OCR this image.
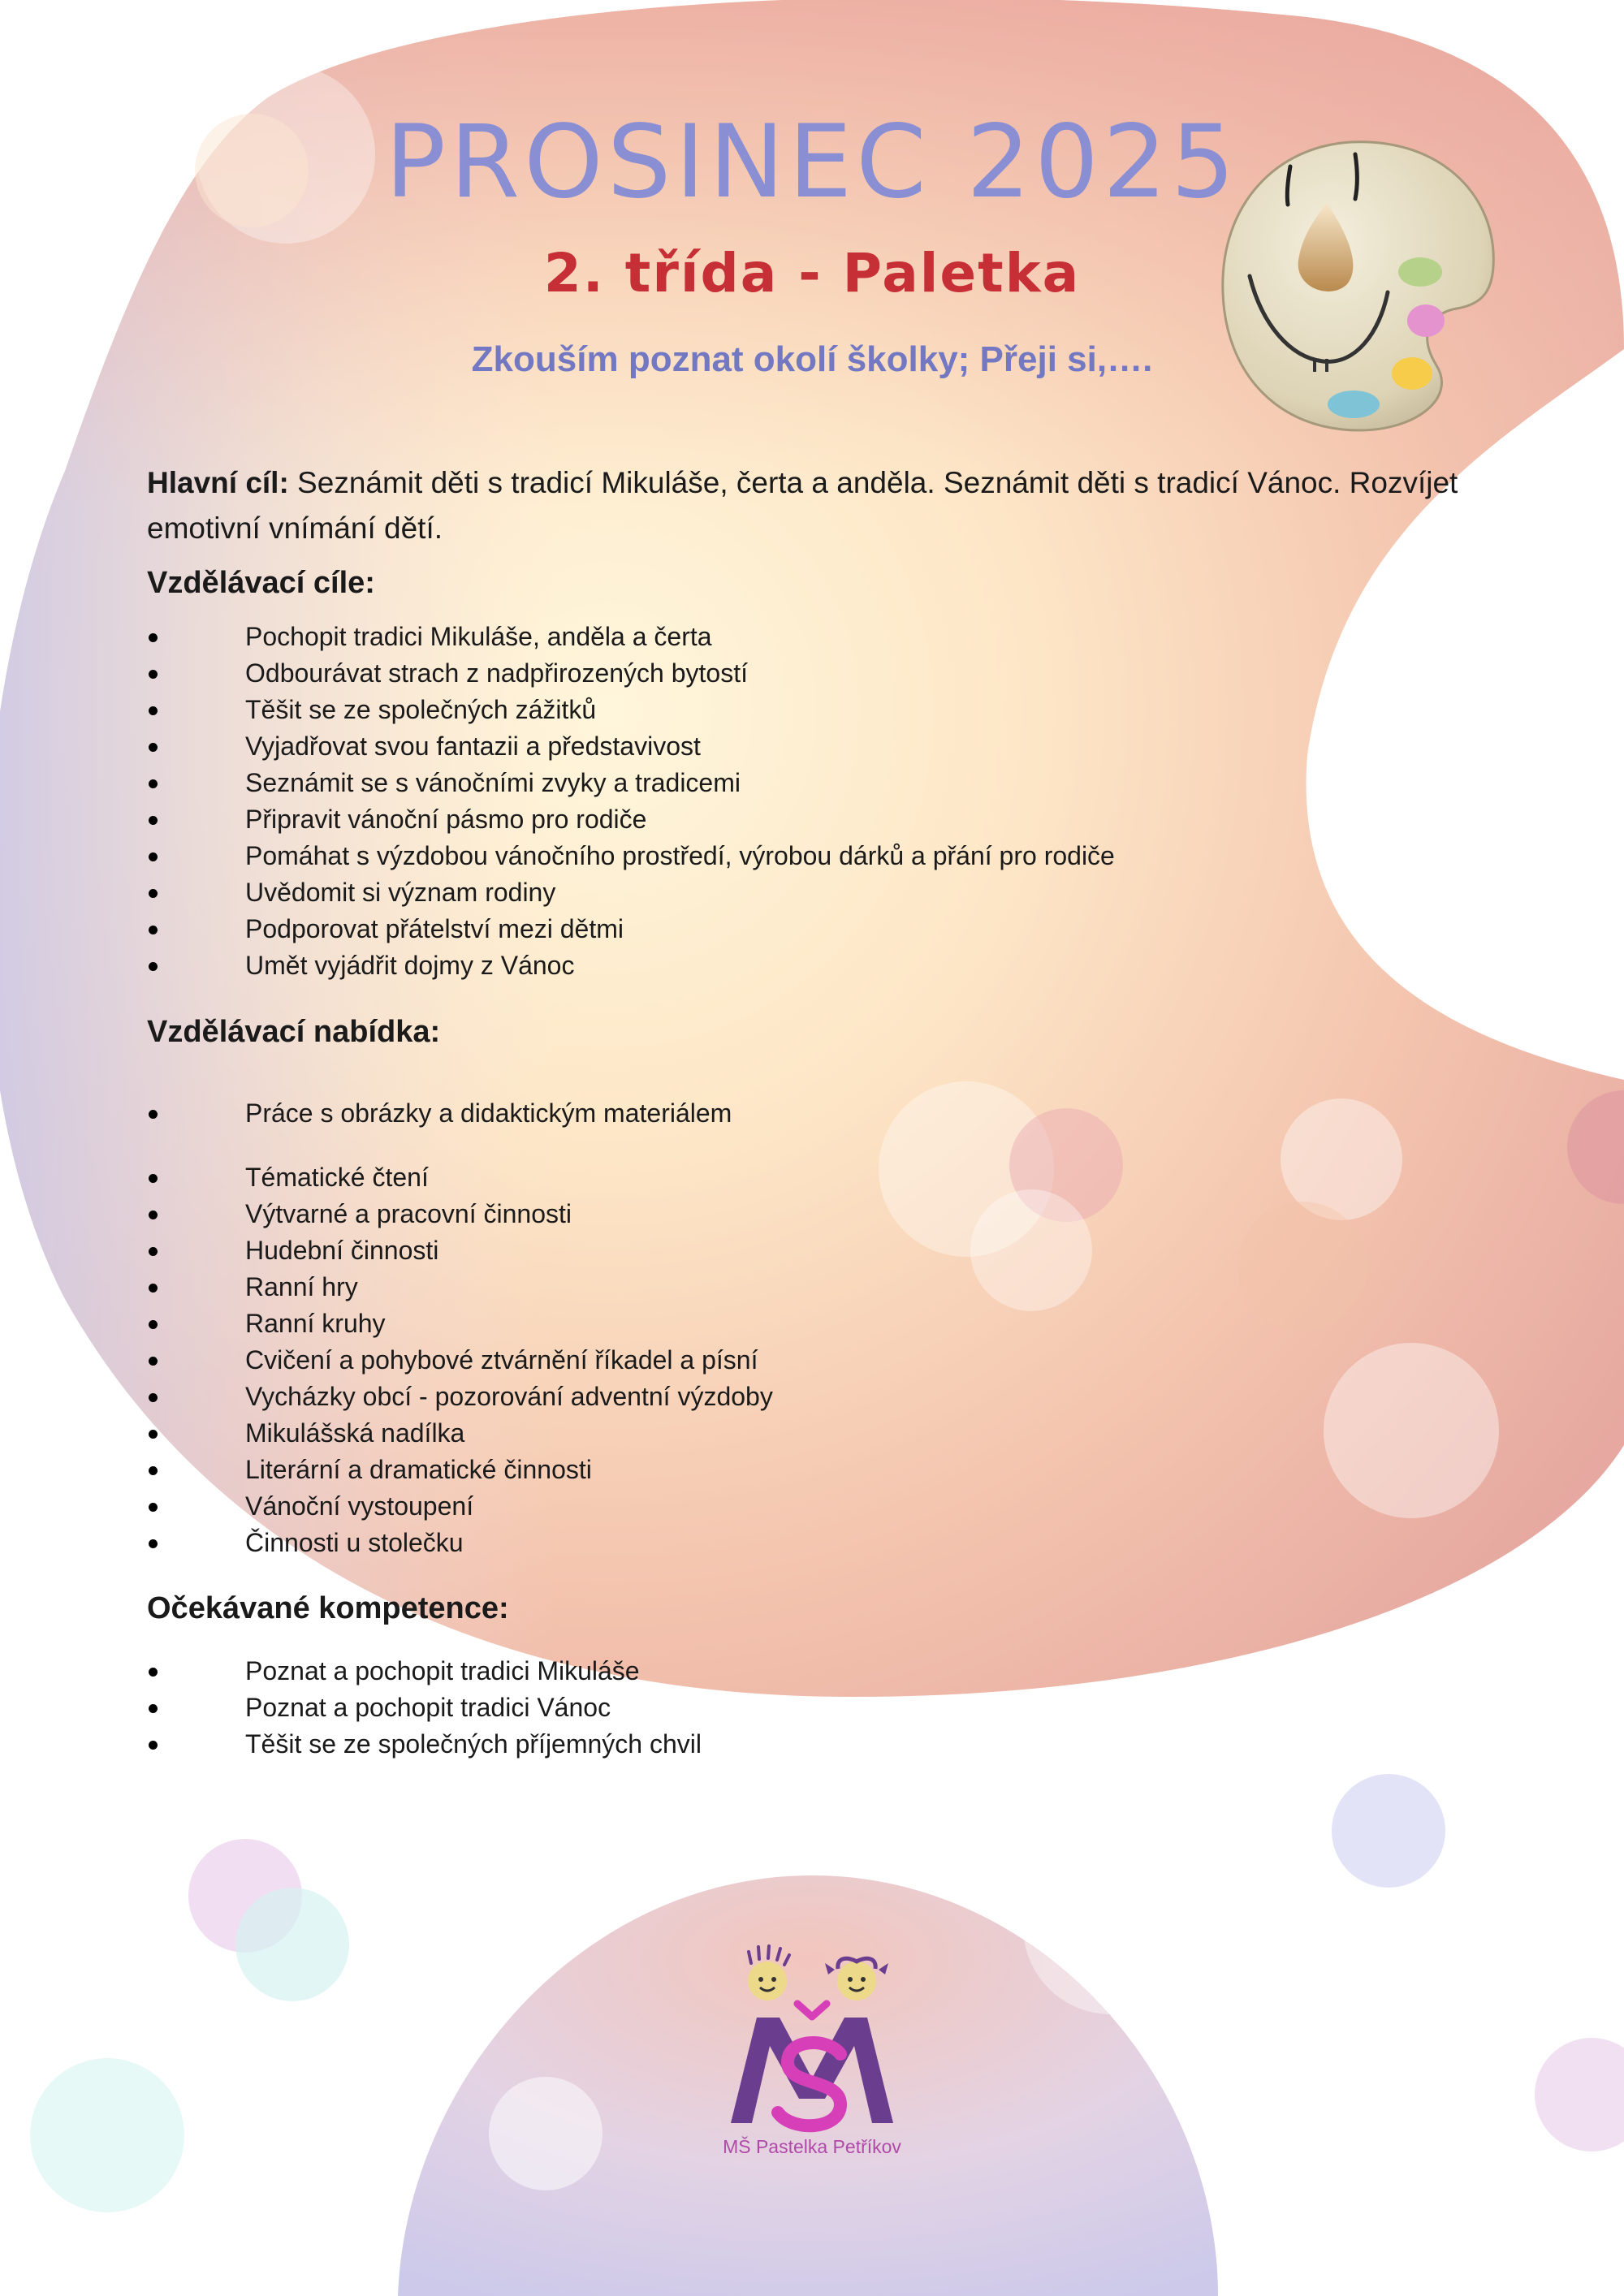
PROSINEC 2025
2. třída - Paletka
Zkouším poznat okolí školky; Přeji si,….

Hlavní cíl: Seznámit děti s tradicí Mikuláše, čerta a anděla. Seznámit děti s tradicí Vánoc. Rozvíjet emotivní vnímání dětí.

Vzdělávací cíle:
Pochopit tradici Mikuláše, anděla a čerta
Odbourávat strach z nadpřirozených bytostí
Těšit se ze společných zážitků
Vyjadřovat svou fantazii a představivost
Seznámit se s vánočními zvyky a tradicemi
Připravit vánoční pásmo pro rodiče
Pomáhat s výzdobou vánočního prostředí, výrobou dárků a přání pro rodiče
Uvědomit si význam rodiny
Podporovat přátelství mezi dětmi
Umět vyjádřit dojmy z Vánoc
Vzdělávací nabídka:
Práce s obrázky a didaktickým materiálem
Tématické čtení
Výtvarné a pracovní činnosti
Hudební činnosti
Ranní hry
Ranní kruhy
Cvičení a pohybové ztvárnění říkadel a písní
Vycházky obcí - pozorování adventní výzdoby
Mikulášská nadílka
Literární a dramatické činnosti
Vánoční vystoupení
Činnosti u stolečku
Očekávané kompetence:
Poznat a pochopit tradici Mikuláše
Poznat a pochopit tradici Vánoc
Těšit se ze společných příjemných chvil
MŠ Pastelka Petříkov
